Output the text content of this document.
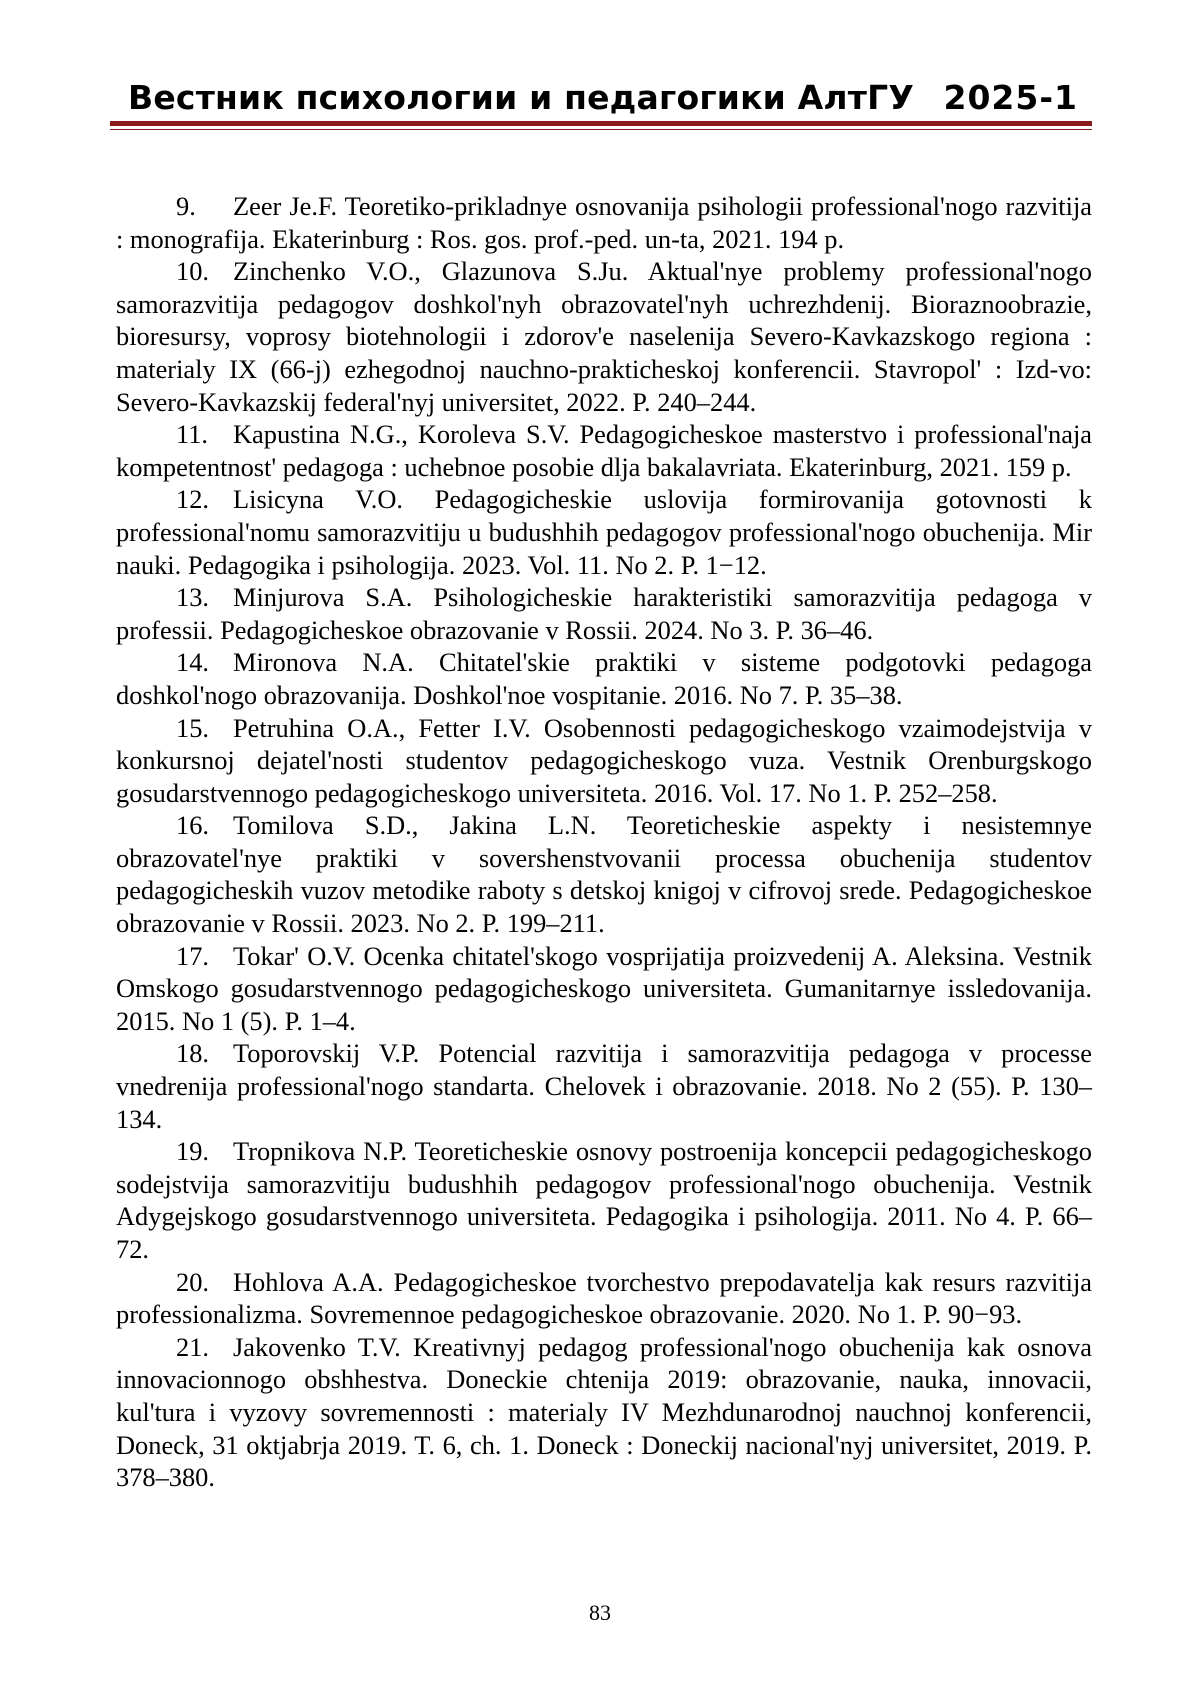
Вестник психологии и педагогики АлтГУ 2025-1

9. Zeer Je.F. Teoretiko-prikladnye osnovanija psihologii professional'nogo razvitija : monografija. Ekaterinburg : Ros. gos. prof.-ped. un-ta, 2021. 194 p.

10. Zinchenko V.O., Glazunova S.Ju. Aktual'nye problemy professional'nogo samorazvitija pedagogov doshkol'nyh obrazovatel'nyh uchrezhdenij. Bioraznoobrazie, bioresursy, voprosy biotehnologii i zdorov'e naselenija Severo-Kavkazskogo regiona : materialy IX (66-j) ezhegodnoj nauchno-prakticheskoj konferencii. Stavropol' : Izd-vo: Severo-Kavkazskij federal'nyj universitet, 2022. P. 240–244.

11. Kapustina N.G., Koroleva S.V. Pedagogicheskoe masterstvo i professional'naja kompetentnost' pedagoga : uchebnoe posobie dlja bakalavriata. Ekaterinburg, 2021. 159 p.

12. Lisicyna V.O. Pedagogicheskie uslovija formirovanija gotovnosti k professional'nomu samorazvitiju u budushhih pedagogov professional'nogo obuchenija. Mir nauki. Pedagogika i psihologija. 2023. Vol. 11. No 2. P. 1−12.

13. Minjurova S.A. Psihologicheskie harakteristiki samorazvitija pedagoga v professii. Pedagogicheskoe obrazovanie v Rossii. 2024. No 3. P. 36–46.

14. Mironova N.A. Chitatel'skie praktiki v sisteme podgotovki pedagoga doshkol'nogo obrazovanija. Doshkol'noe vospitanie. 2016. No 7. P. 35–38.

15. Petruhina O.A., Fetter I.V. Osobennosti pedagogicheskogo vzaimodejstvija v konkursnoj dejatel'nosti studentov pedagogicheskogo vuza. Vestnik Orenburgskogo gosudarstvennogo pedagogicheskogo universiteta. 2016. Vol. 17. No 1. P. 252–258.

16. Tomilova S.D., Jakina L.N. Teoreticheskie aspekty i nesistemnye obrazovatel'nye praktiki v sovershenstvovanii processa obuchenija studentov pedagogicheskih vuzov metodike raboty s detskoj knigoj v cifrovoj srede. Pedagogicheskoe obrazovanie v Rossii. 2023. No 2. P. 199–211.

17. Tokar' O.V. Ocenka chitatel'skogo vosprijatija proizvedenij A. Aleksina. Vestnik Omskogo gosudarstvennogo pedagogicheskogo universiteta. Gumanitarnye issledovanija. 2015. No 1 (5). P. 1–4.

18. Toporovskij V.P. Potencial razvitija i samorazvitija pedagoga v processe vnedrenija professional'nogo standarta. Chelovek i obrazovanie. 2018. No 2 (55). P. 130–134.

19. Tropnikova N.P. Teoreticheskie osnovy postroenija koncepcii pedagogicheskogo sodejstvija samorazvitiju budushhih pedagogov professional'nogo obuchenija. Vestnik Adygejskogo gosudarstvennogo universiteta. Pedagogika i psihologija. 2011. No 4. P. 66–72.

20. Hohlova A.A. Pedagogicheskoe tvorchestvo prepodavatelja kak resurs razvitija professionalizma. Sovremennoe pedagogicheskoe obrazovanie. 2020. No 1. P. 90−93.

21. Jakovenko T.V. Kreativnyj pedagog professional'nogo obuchenija kak osnova innovacionnogo obshhestva. Doneckie chtenija 2019: obrazovanie, nauka, innovacii, kul'tura i vyzovy sovremennosti : materialy IV Mezhdunarodnoj nauchnoj konferencii, Doneck, 31 oktjabrja 2019. T. 6, ch. 1. Doneck : Doneckij nacional'nyj universitet, 2019. P. 378–380.

83
